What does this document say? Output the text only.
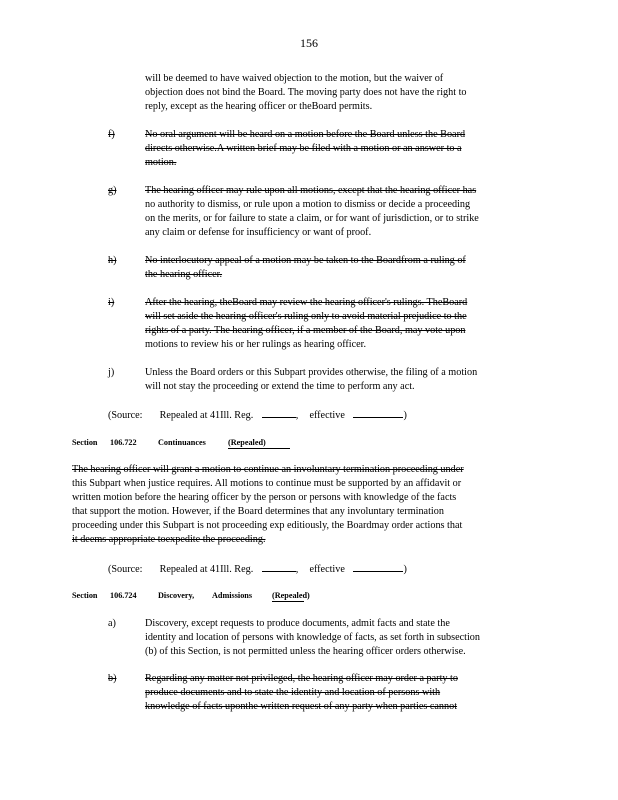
156
will be deemed to have waived objection to the motion, but the waiver of
objection does not bind the Board. The moving party does not have the right to
reply, except as the hearing officer or theBoard permits.
f)	No oral argument will be heard on a motion before the Board unless the Board
directs otherwise.A written brief may be filed with a motion or an answer to a
motion.
g)	The hearing officer may rule upon all motions, except that the hearing officer has
no authority to dismiss, or rule upon a motion to dismiss or decide a proceeding
on the merits, or for failure to state a claim, or for want of jurisdiction, or to strike
any claim or defense for insufficiency or want of proof.
h)	No interlocutory appeal of a motion may be taken to the Boardfrom a ruling of
the hearing officer.
i)	After the hearing, theBoard may review the hearing officer's rulings. TheBoard
will set aside the hearing officer's ruling only to avoid material prejudice to the
rights of a party. The hearing officer, if a member of the Board, may vote upon
motions to review his or her rulings as hearing officer.
j)	Unless the Board orders or this Subpart provides otherwise, the filing of a motion
will not stay the proceeding or extend the time to perform any act.
(Source: Repealed at 41Ill. Reg.	, effective	)
Section 106.722	Continuances	(Repealed)
The hearing officer will grant a motion to continue an involuntary termination proceeding under
this Subpart when justice requires. All motions to continue must be supported by an affidavit or
written motion before the hearing officer by the person or persons with knowledge of the facts
that support the motion. However, if the Board determines that any involuntary termination
proceeding under this Subpart is not proceeding exp editiously, the Boardmay order actions that
it deems appropriate toexpedite the proceeding.
(Source: Repealed at 41Ill. Reg.	, effective	)
Section 106.724	Discovery, Admissions (Repealed)
a)	Discovery, except requests to produce documents, admit facts and state the
identity and location of persons with knowledge of facts, as set forth in subsection
(b) of this Section, is not permitted unless the hearing officer orders otherwise.
b)	Regarding any matter not privileged, the hearing officer may order a party to
produce documents and to state the identity and location of persons with
knowledge of facts uponthe written request of any party when parties cannot
